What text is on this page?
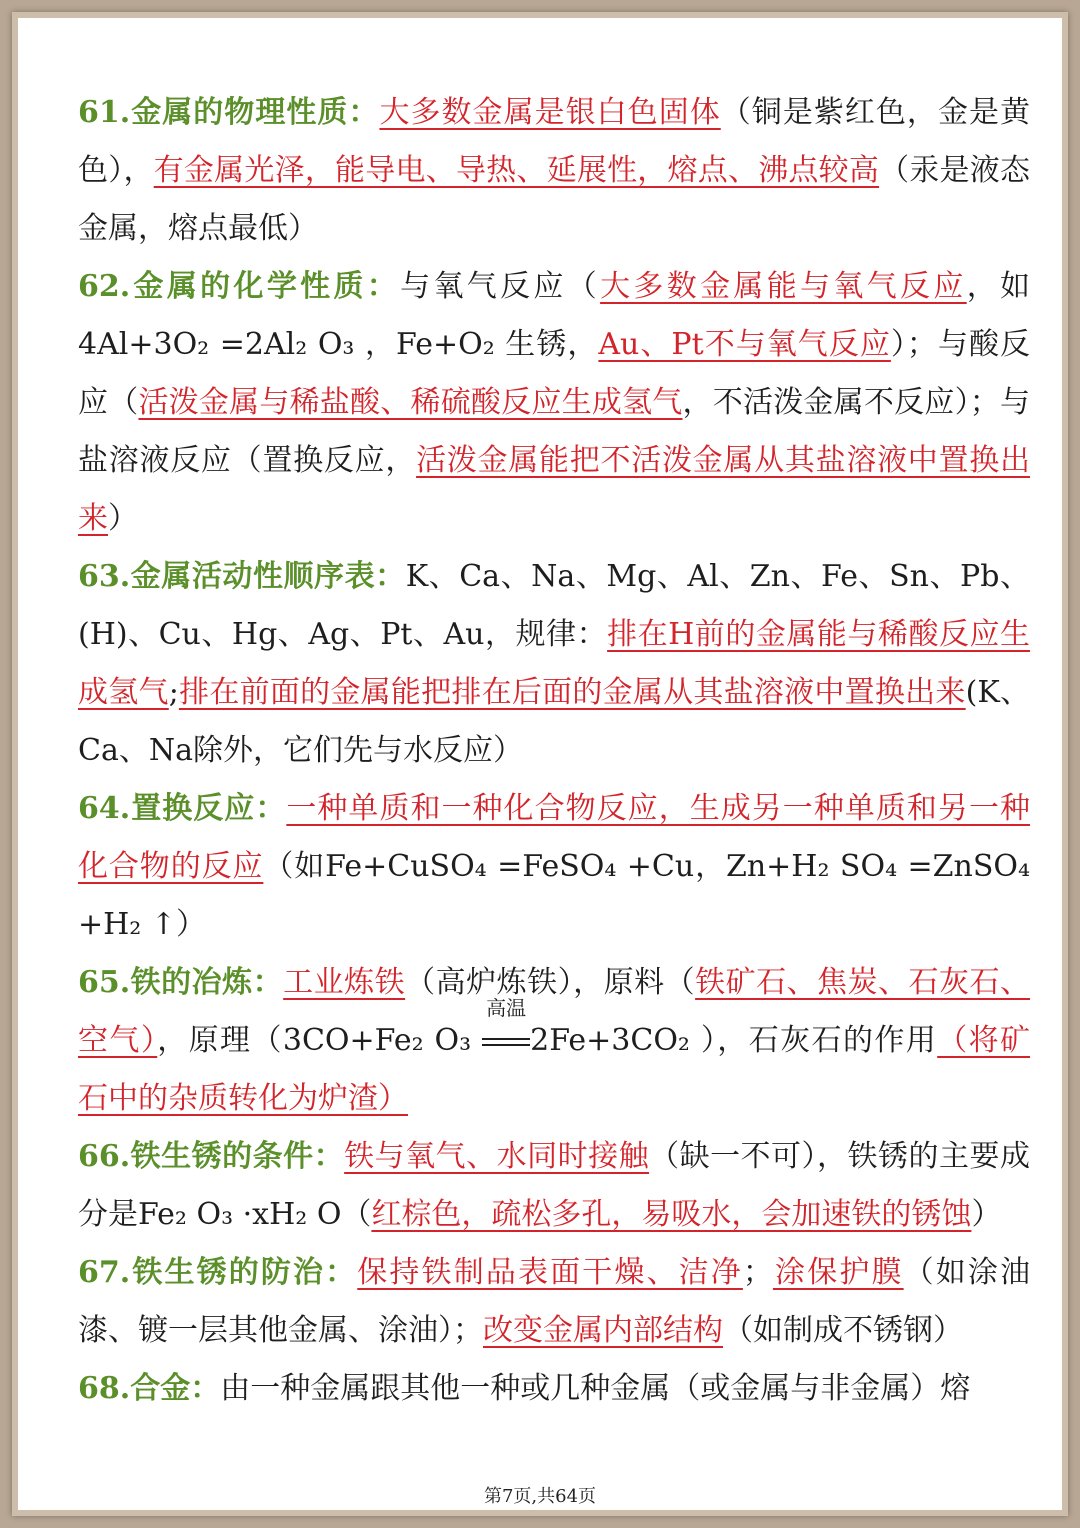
61.金属的物理性质：大多数金属是银白色固体（铜是紫红色，金是黄色），有金属光泽，能导电、导热、延展性，熔点、沸点较高（汞是液态金属，熔点最低）

62.金属的化学性质：与氧气反应（大多数金属能与氧气反应，如4Al+3O₂ =2Al₂ O₃ ，Fe+O₂ 生锈，Au、Pt不与氧气反应）；与酸反应（活泼金属与稀盐酸、稀硫酸反应生成氢气，不活泼金属不反应）；与盐溶液反应（置换反应，活泼金属能把不活泼金属从其盐溶液中置换出来）

63.金属活动性顺序表：K、Ca、Na、Mg、Al、Zn、Fe、Sn、Pb、(H)、Cu、Hg、Ag、Pt、Au，规律：排在H前的金属能与稀酸反应生成氢气;排在前面的金属能把排在后面的金属从其盐溶液中置换出来(K、Ca、Na除外，它们先与水反应）

64.置换反应：一种单质和一种化合物反应，生成另一种单质和另一种化合物的反应（如Fe+CuSO₄ =FeSO₄ +Cu，Zn+H₂ SO₄ =ZnSO₄ +H₂ ↑）

65.铁的冶炼：工业炼铁（高炉炼铁），原料（铁矿石、焦炭、石灰石、空气），原理（3CO+Fe₂ O₃
高温
2Fe+3CO₂ ），石灰石的作用（将矿石中的杂质转化为炉渣）

66.铁生锈的条件：铁与氧气、水同时接触（缺一不可），铁锈的主要成分是Fe₂ O₃ ·xH₂ O（红棕色，疏松多孔，易吸水，会加速铁的锈蚀）

67.铁生锈的防治：保持铁制品表面干燥、洁净；涂保护膜（如涂油漆、镀一层其他金属、涂油）；改变金属内部结构（如制成不锈钢）

68.合金：由一种金属跟其他一种或几种金属（或金属与非金属）熔

第7页,共64页
